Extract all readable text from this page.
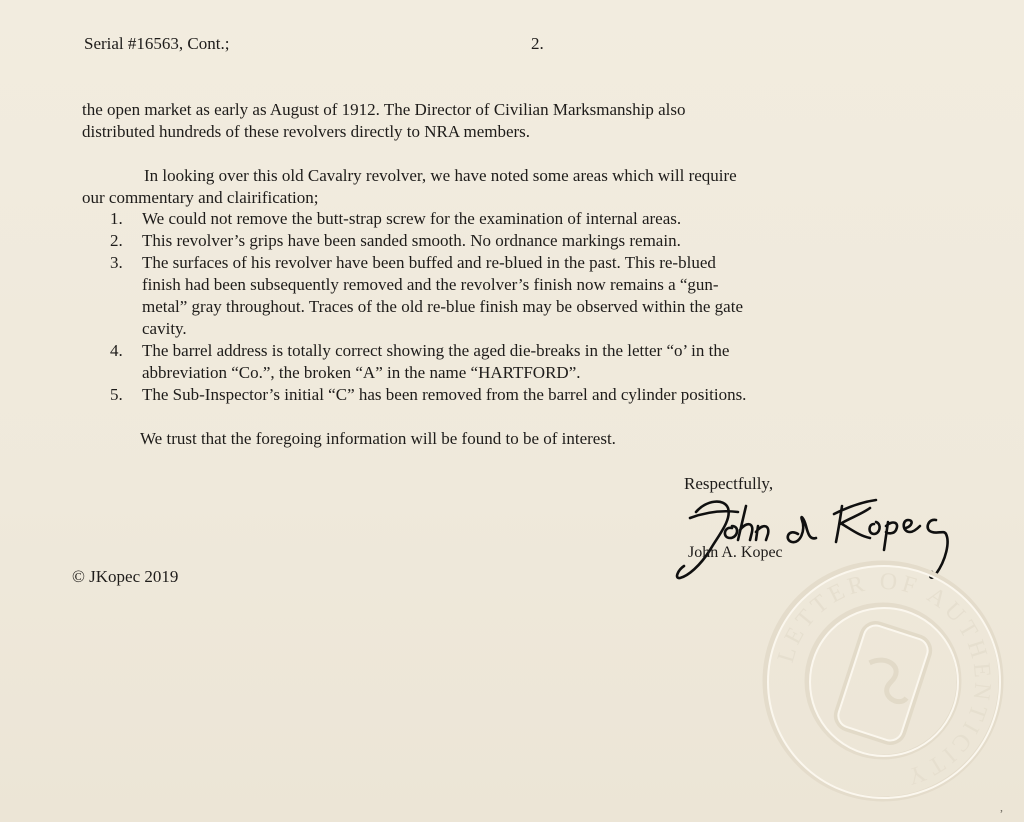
Serial #16563, Cont.;	2.
the open market as early as August of 1912. The Director of Civilian Marksmanship also
distributed hundreds of these revolvers directly to NRA members.
In looking over this old Cavalry revolver, we have noted some areas which will require
our commentary and clairification;
1. We could not remove the butt-strap screw for the examination of internal areas.
2. This revolver’s grips have been sanded smooth. No ordnance markings remain.
3. The surfaces of his revolver have been buffed and re-blued in the past. This re-blued
finish had been subsequently removed and the revolver’s finish now remains a “gun-
metal” gray throughout. Traces of the old re-blue finish may be observed within the gate
cavity.
4. The barrel address is totally correct showing the aged die-breaks in the letter “o’ in the
abbreviation “Co.”, the broken “A” in the name “HARTFORD”.
5. The Sub-Inspector’s initial “C” has been removed from the barrel and cylinder positions.
We trust that the foregoing information will be found to be of interest.
Respectfully,
John A. Kopec
© JKopec 2019
LETTER OF AUTHENTICITY
,
